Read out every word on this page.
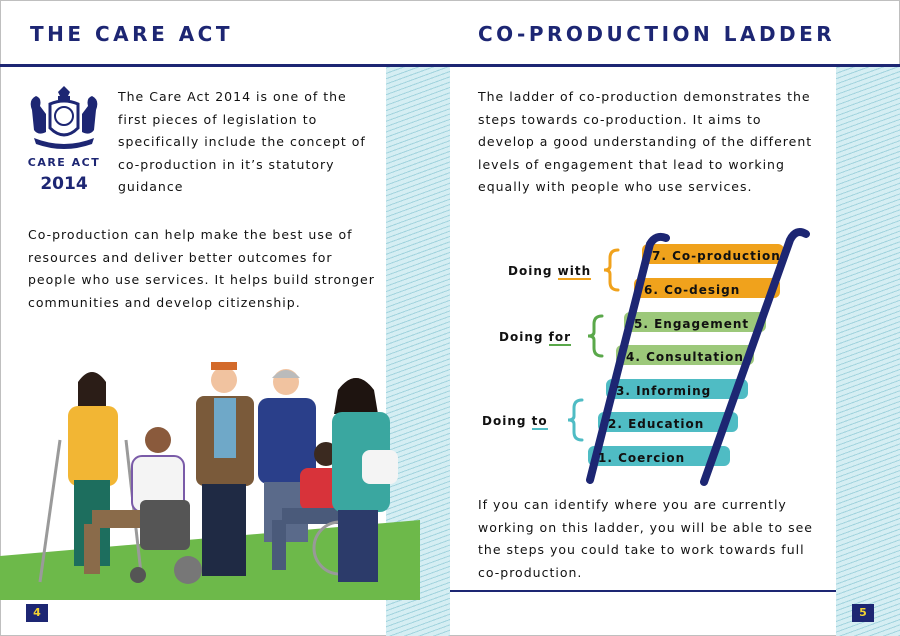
THE CARE ACT	CO-PRODUCTION LADDER
CARE ACT
2014
The Care Act 2014 is one of the first pieces of legislation to specifically include the concept of co-production in it’s statutory guidance
Co-production can help make the best use of resources and deliver better outcomes for people who use services. It helps build stronger communities and develop citizenship.
The ladder of co-production demonstrates the steps towards co-production. It aims to develop a good understanding of the different levels of engagement that lead to working equally with people who use services.
If you can identify where you are currently working on this ladder, you will be able to see the steps you could take to work towards full co-production.
7. Co-production
6. Co-design
5. Engagement
4. Consultation
3. Informing
2. Education
1. Coercion
Doing with
Doing for
Doing to
4	5
